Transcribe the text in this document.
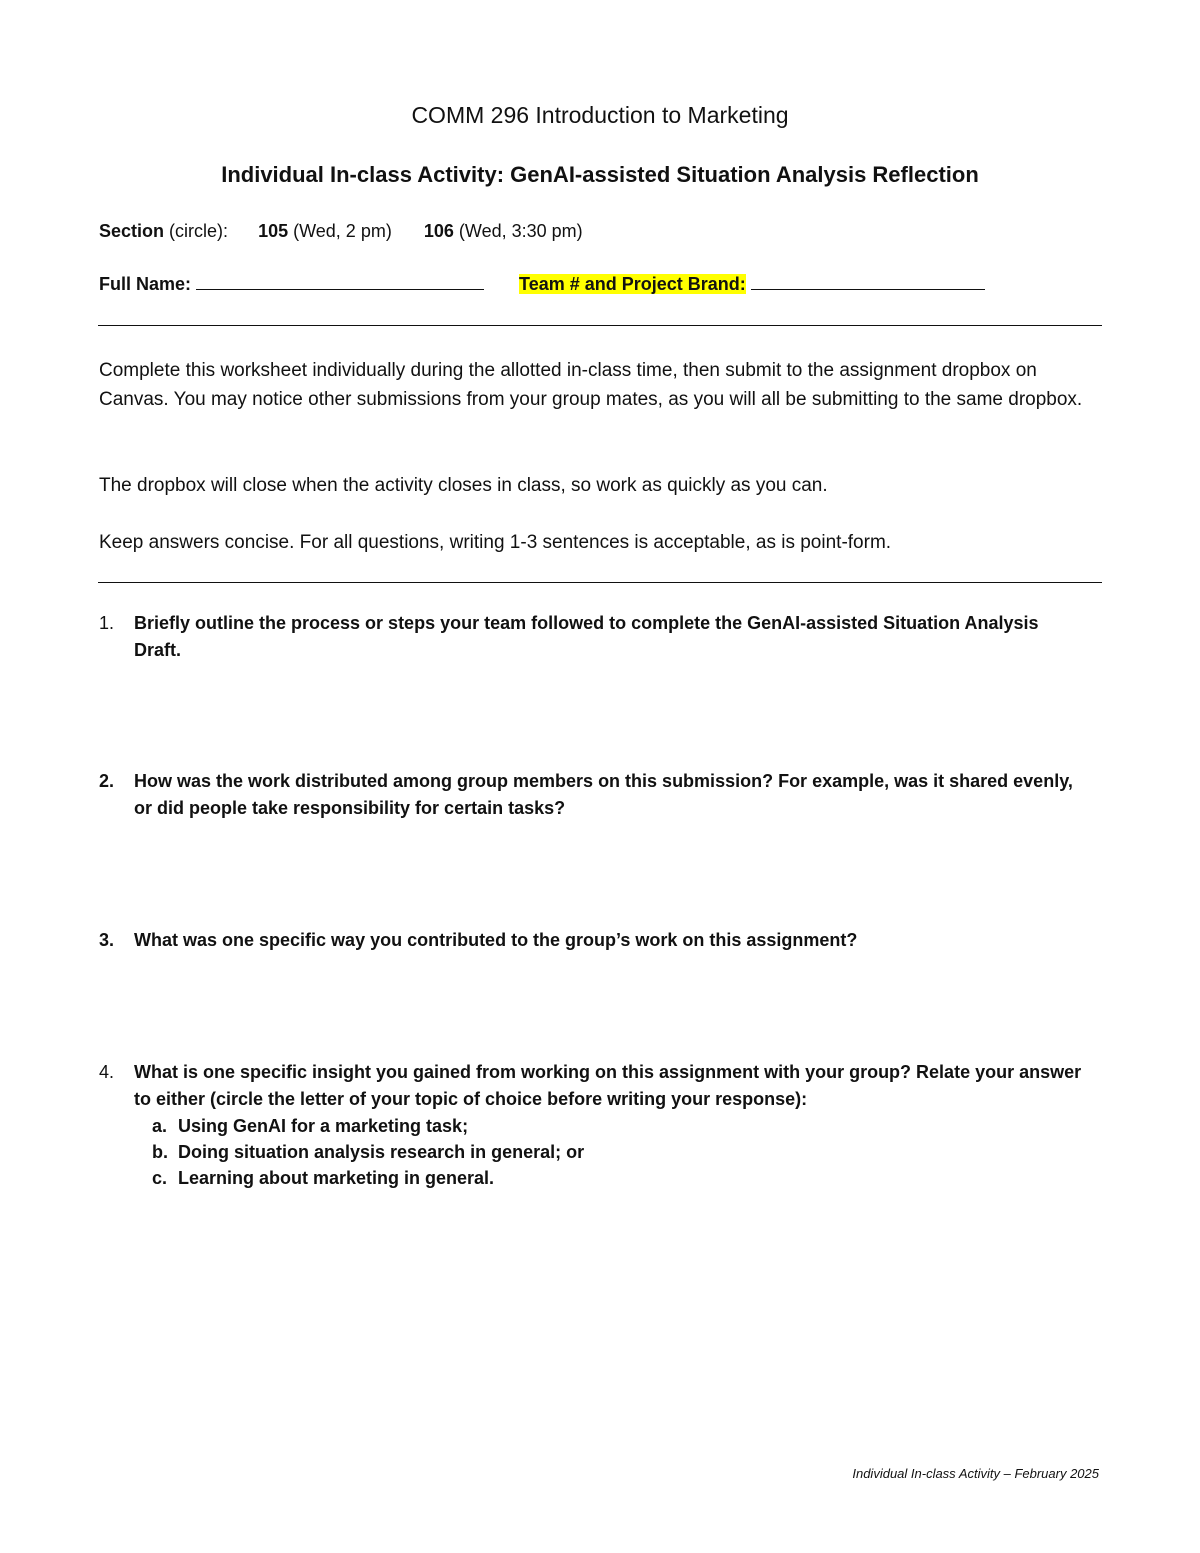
COMM 296 Introduction to Marketing
Individual In-class Activity: GenAI-assisted Situation Analysis Reflection
Section (circle): 105 (Wed, 2 pm) 106 (Wed, 3:30 pm)
Full Name:	Team # and Project Brand:
Complete this worksheet individually during the allotted in-class time, then submit to the assignment dropbox on Canvas. You may notice other submissions from your group mates, as you will all be submitting to the same dropbox.
The dropbox will close when the activity closes in class, so work as quickly as you can.
Keep answers concise. For all questions, writing 1-3 sentences is acceptable, as is point-form.
1. Briefly outline the process or steps your team followed to complete the GenAI-assisted Situation Analysis Draft.
2. How was the work distributed among group members on this submission? For example, was it shared evenly, or did people take responsibility for certain tasks?
3. What was one specific way you contributed to the group’s work on this assignment?
4. What is one specific insight you gained from working on this assignment with your group? Relate your answer to either (circle the letter of your topic of choice before writing your response):
a. Using GenAI for a marketing task;
b. Doing situation analysis research in general; or
c. Learning about marketing in general.
Individual In-class Activity – February 2025
